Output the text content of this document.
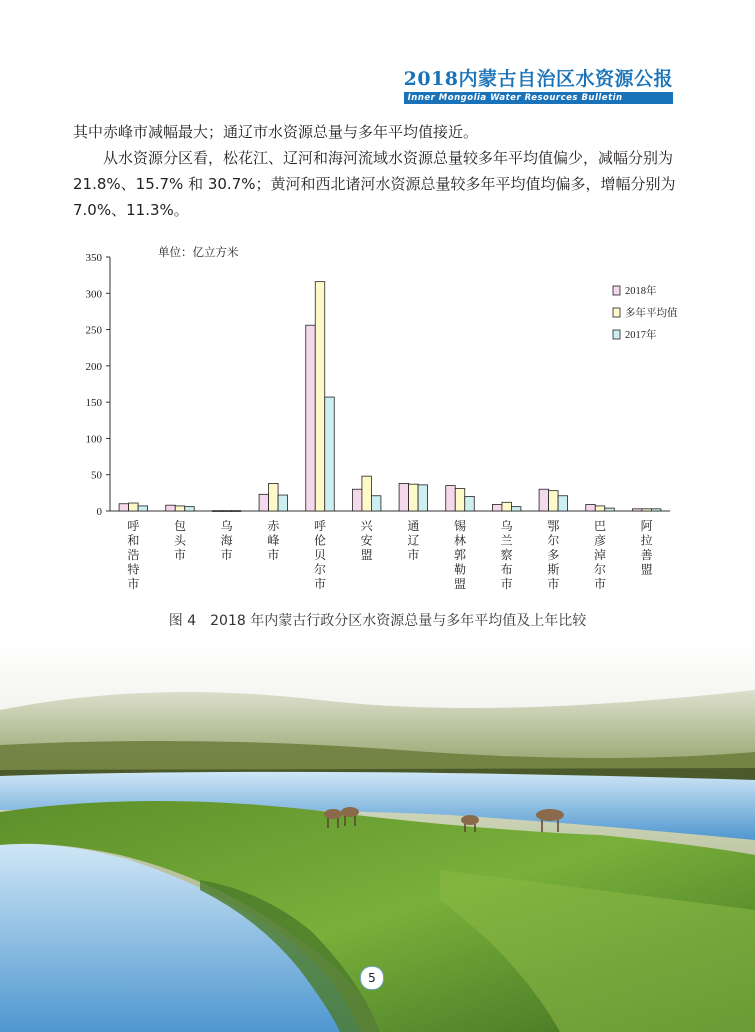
2018内蒙古自治区水资源公报
Inner Mongolia Water Resources Bulletin

其中赤峰市减幅最大；通辽市水资源总量与多年平均值接近。

从水资源分区看，松花江、辽河和海河流域水资源总量较多年平均值偏少，减幅分别为 21.8%、15.7% 和 30.7%；黄河和西北诸河水资源总量较多年平均值均偏多，增幅分别为 7.0%、11.3%。

0
50
100
150
200
250
300
350	单位：亿立方米
呼和浩特市
包头市
乌海市
赤峰市
呼伦贝尔市
兴安盟
通辽市
锡林郭勒盟
乌兰察布市
鄂尔多斯市
巴彦淖尔市
阿拉善盟
2018年
多年平均值
2017年
图 4　2018 年内蒙古行政分区水资源总量与多年平均值及上年比较
5
